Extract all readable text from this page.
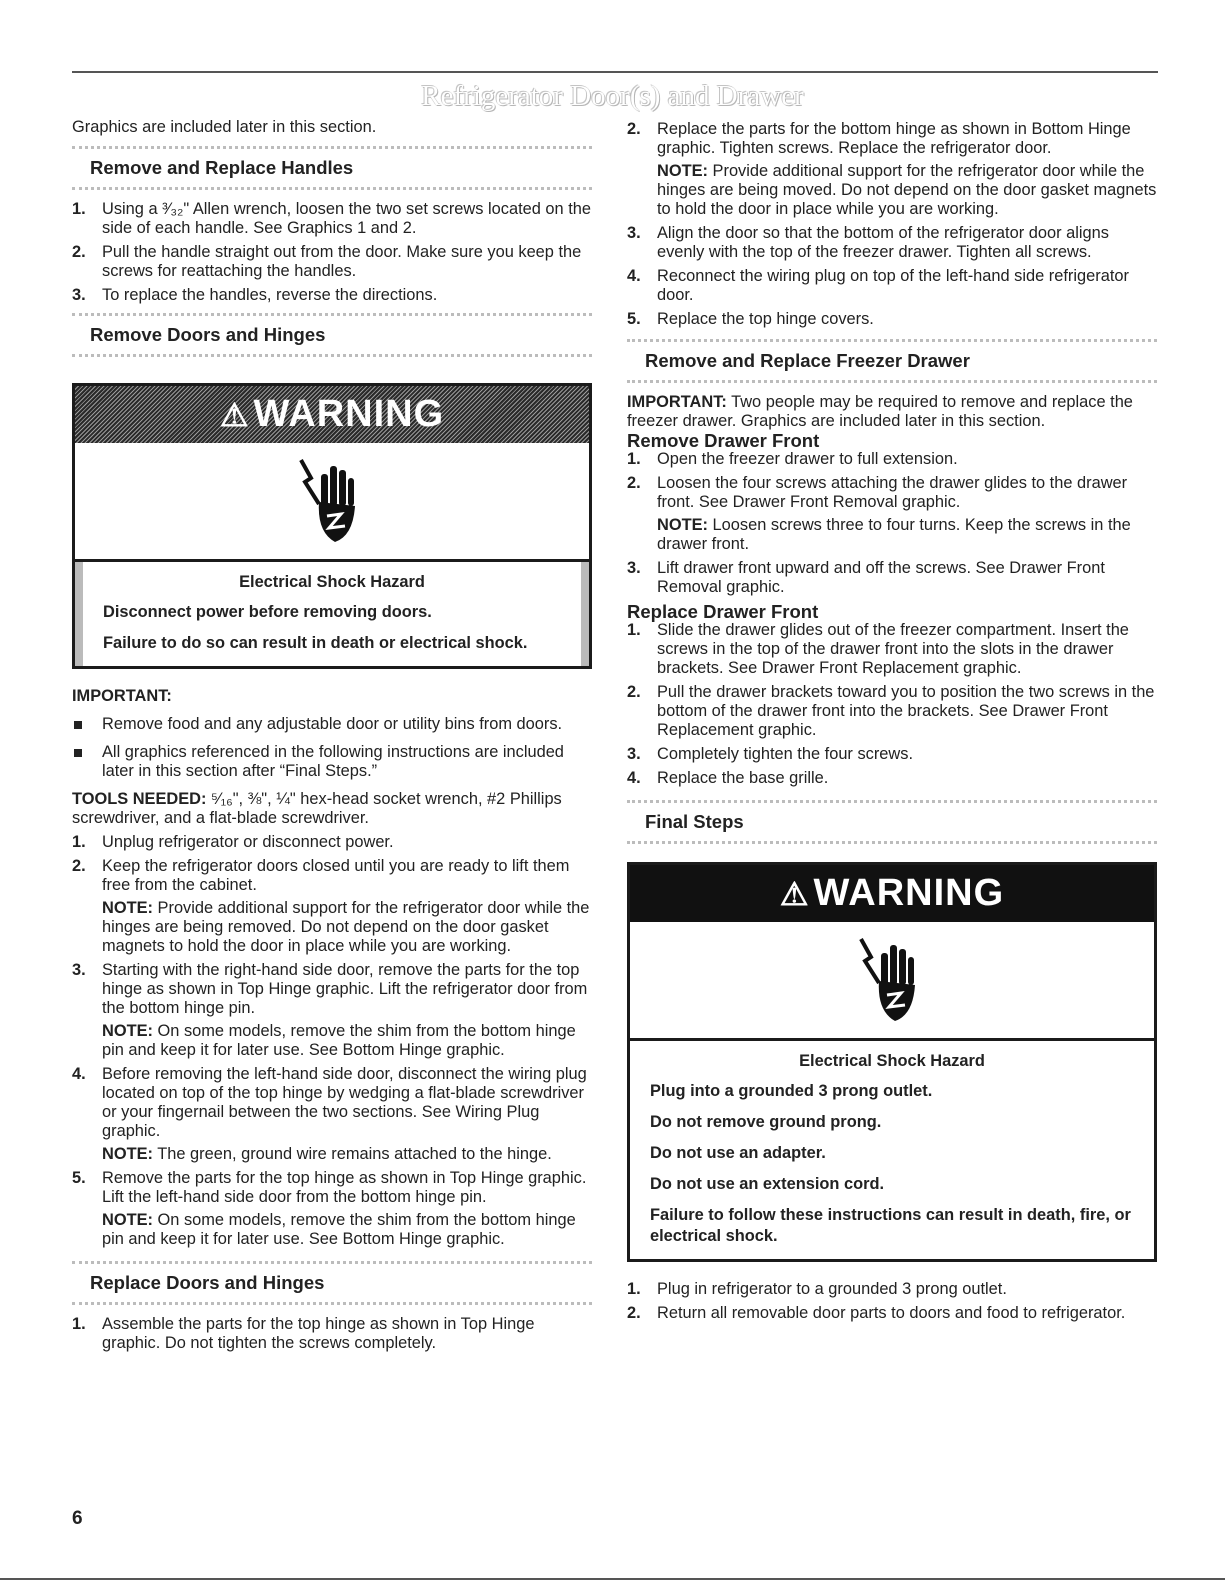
Refrigerator Door(s) and Drawer

Graphics are included later in this section.

Remove and Replace Handles
1. Using a ³⁄₃₂" Allen wrench, loosen the two set screws located on the side of each handle. See Graphics 1 and 2.
2. Pull the handle straight out from the door. Make sure you keep the screws for reattaching the handles.
3. To replace the handles, reverse the directions.
Remove Doors and Hinges
⚠ WARNING

Electrical Shock Hazard

Disconnect power before removing doors.

Failure to do so can result in death or electrical shock.

IMPORTANT:

Remove food and any adjustable door or utility bins from doors.
All graphics referenced in the following instructions are included later in this section after “Final Steps.”

TOOLS NEEDED: ⁵⁄₁₆", ⅜", ¼" hex-head socket wrench, #2 Phillips screwdriver, and a flat-blade screwdriver.

1. Unplug refrigerator or disconnect power.
2. Keep the refrigerator doors closed until you are ready to lift them free from the cabinet.

NOTE: Provide additional support for the refrigerator door while the hinges are being removed. Do not depend on the door gasket magnets to hold the door in place while you are working.

3. Starting with the right-hand side door, remove the parts for the top hinge as shown in Top Hinge graphic. Lift the refrigerator door from the bottom hinge pin.

NOTE: On some models, remove the shim from the bottom hinge pin and keep it for later use. See Bottom Hinge graphic.

4. Before removing the left-hand side door, disconnect the wiring plug located on top of the top hinge by wedging a flat-blade screwdriver or your fingernail between the two sections. See Wiring Plug graphic.

NOTE: The green, ground wire remains attached to the hinge.

5. Remove the parts for the top hinge as shown in Top Hinge graphic. Lift the left-hand side door from the bottom hinge pin.

NOTE: On some models, remove the shim from the bottom hinge pin and keep it for later use. See Bottom Hinge graphic.

Replace Doors and Hinges
1. Assemble the parts for the top hinge as shown in Top Hinge graphic. Do not tighten the screws completely.
2. Replace the parts for the bottom hinge as shown in Bottom Hinge graphic. Tighten screws. Replace the refrigerator door.

NOTE: Provide additional support for the refrigerator door while the hinges are being moved. Do not depend on the door gasket magnets to hold the door in place while you are working.

3. Align the door so that the bottom of the refrigerator door aligns evenly with the top of the freezer drawer. Tighten all screws.
4. Reconnect the wiring plug on top of the left-hand side refrigerator door.
5. Replace the top hinge covers.
Remove and Replace Freezer Drawer

IMPORTANT: Two people may be required to remove and replace the freezer drawer. Graphics are included later in this section.

Remove Drawer Front

1. Open the freezer drawer to full extension.
2. Loosen the four screws attaching the drawer glides to the drawer front. See Drawer Front Removal graphic.

NOTE: Loosen screws three to four turns. Keep the screws in the drawer front.

3. Lift drawer front upward and off the screws. See Drawer Front Removal graphic.

Replace Drawer Front

1. Slide the drawer glides out of the freezer compartment. Insert the screws in the top of the drawer front into the slots in the drawer brackets. See Drawer Front Replacement graphic.
2. Pull the drawer brackets toward you to position the two screws in the bottom of the drawer front into the brackets. See Drawer Front Replacement graphic.
3. Completely tighten the four screws.
4. Replace the base grille.
Final Steps
⚠ WARNING

Electrical Shock Hazard

Plug into a grounded 3 prong outlet.

Do not remove ground prong.

Do not use an adapter.

Do not use an extension cord.

Failure to follow these instructions can result in death, fire, or electrical shock.

1. Plug in refrigerator to a grounded 3 prong outlet.
2. Return all removable door parts to doors and food to refrigerator.
6
